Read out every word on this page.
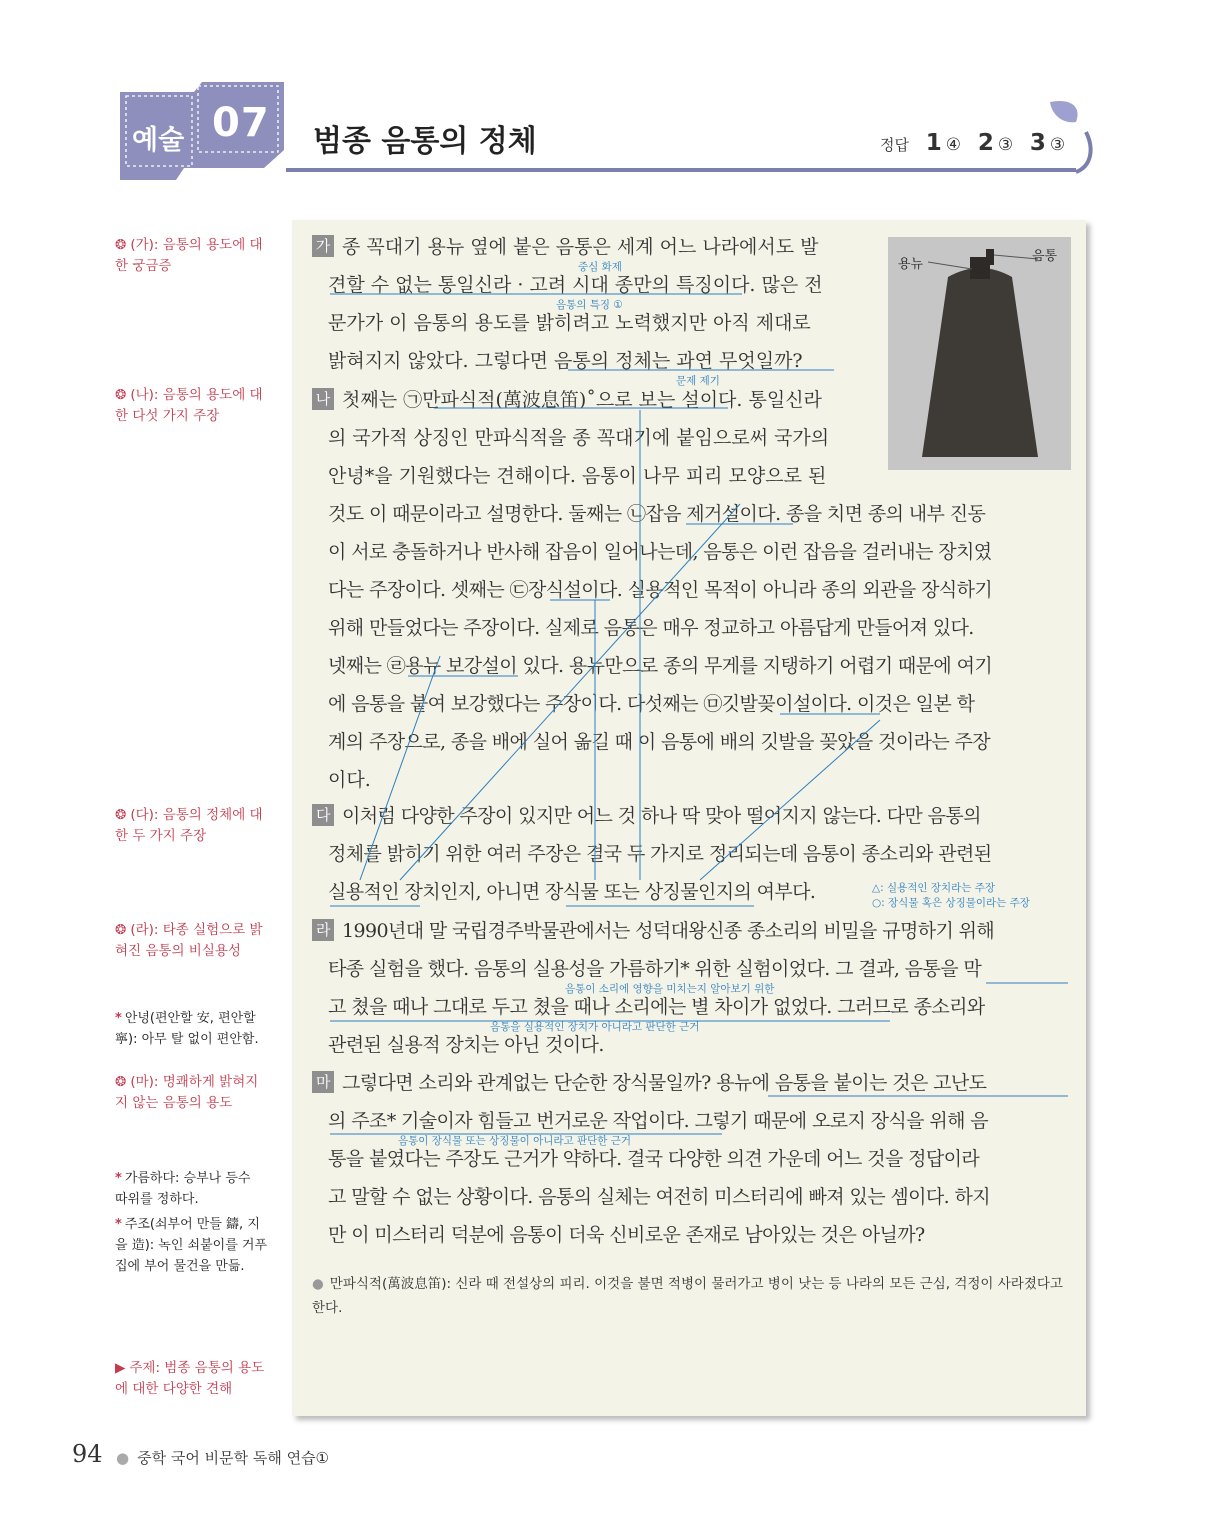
예술 07 범종 음통의 정체	정답 1 ④ 2 ③ 3 ③
❂ (가): 음통의 용도에 대한 궁금증
❂ (나): 음통의 용도에 대한 다섯 가지 주장
❂ (다): 음통의 정체에 대한 두 가지 주장
❂ (라): 타종 실험으로 밝혀진 음통의 비실용성
* 안녕(편안할 安, 편안할 寧): 아무 탈 없이 편안함.
❂ (마): 명쾌하게 밝혀지지 않는 음통의 용도
* 가름하다: 승부나 등수 따위를 정하다.
* 주조(쇠부어 만들 鑄, 지을 造): 녹인 쇠붙이를 거푸집에 부어 물건을 만듦.
▶ 주제: 범종 음통의 용도에 대한 다양한 견해
용뉴
음통
가 종 꼭대기 용뉴 옆에 붙은 음통은 세계 어느 나라에서도 발
견할 수 없는 통일신라 · 고려 시대 종만의 특징이다. 많은 전
문가가 이 음통의 용도를 밝히려고 노력했지만 아직 제대로
밝혀지지 않았다. 그렇다면 음통의 정체는 과연 무엇일까?
나 첫째는 ㉠만파식적(萬波息笛)˚으로 보는 설이다. 통일신라
의 국가적 상징인 만파식적을 종 꼭대기에 붙임으로써 국가의
안녕*을 기원했다는 견해이다. 음통이 나무 피리 모양으로 된
것도 이 때문이라고 설명한다. 둘째는 ㉡잡음 제거설이다. 종을 치면 종의 내부 진동
이 서로 충돌하거나 반사해 잡음이 일어나는데, 음통은 이런 잡음을 걸러내는 장치였
다는 주장이다. 셋째는 ㉢장식설이다. 실용적인 목적이 아니라 종의 외관을 장식하기
위해 만들었다는 주장이다. 실제로 음통은 매우 정교하고 아름답게 만들어져 있다.
넷째는 ㉣용뉴 보강설이 있다. 용뉴만으로 종의 무게를 지탱하기 어렵기 때문에 여기
에 음통을 붙여 보강했다는 주장이다. 다섯째는 ㉤깃발꽂이설이다. 이것은 일본 학
계의 주장으로, 종을 배에 실어 옮길 때 이 음통에 배의 깃발을 꽂았을 것이라는 주장
이다.
다 이처럼 다양한 주장이 있지만 어느 것 하나 딱 맞아 떨어지지 않는다. 다만 음통의
정체를 밝히기 위한 여러 주장은 결국 두 가지로 정리되는데 음통이 종소리와 관련된
실용적인 장치인지, 아니면 장식물 또는 상징물인지의 여부다.
라 1990년대 말 국립경주박물관에서는 성덕대왕신종 종소리의 비밀을 규명하기 위해
타종 실험을 했다. 음통의 실용성을 가름하기* 위한 실험이었다. 그 결과, 음통을 막
고 쳤을 때나 그대로 두고 쳤을 때나 소리에는 별 차이가 없었다. 그러므로 종소리와
관련된 실용적 장치는 아닌 것이다.
마 그렇다면 소리와 관계없는 단순한 장식물일까? 용뉴에 음통을 붙이는 것은 고난도
의 주조* 기술이자 힘들고 번거로운 작업이다. 그렇기 때문에 오로지 장식을 위해 음
통을 붙였다는 주장도 근거가 약하다. 결국 다양한 의견 가운데 어느 것을 정답이라
고 말할 수 없는 상황이다. 음통의 실체는 여전히 미스터리에 빠져 있는 셈이다. 하지
만 이 미스터리 덕분에 음통이 더욱 신비로운 존재로 남아있는 것은 아닐까?
중심 화제
음통의 특징 ①
문제 제기
△: 실용적인 장치라는 주장
○: 장식물 혹은 상징물이라는 주장
음통이 소리에 영향을 미치는지 알아보기 위한
음통을 실용적인 장치가 아니라고 판단한 근거
음통이 장식물 또는 상징물이 아니라고 판단한 근거
● 만파식적(萬波息笛): 신라 때 전설상의 피리. 이것을 불면 적병이 물러가고 병이 낫는 등 나라의 모든 근심, 걱정이 사라졌다고 한다.
94 ● 중학 국어 비문학 독해 연습①
